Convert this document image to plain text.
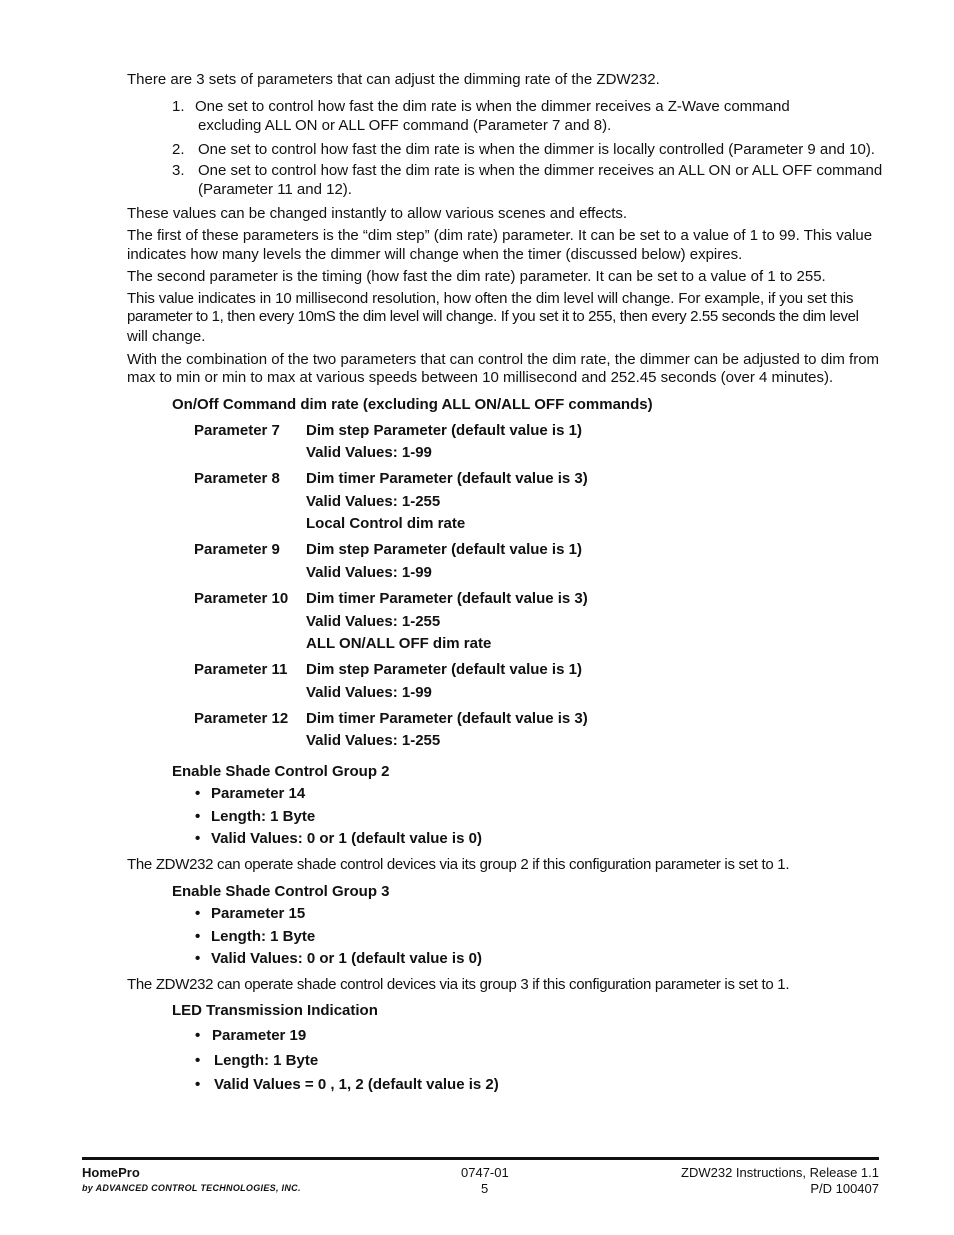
There are 3 sets of parameters that can adjust the dimming rate of the ZDW232.
1. One set to control how fast the dim rate is when the dimmer receives a Z-Wave command
excluding ALL ON or ALL OFF command (Parameter 7 and 8).
2. One set to control how fast the dim rate is when the dimmer is locally controlled (Parameter 9 and 10).
3. One set to control how fast the dim rate is when the dimmer receives an ALL ON or ALL OFF command
(Parameter 11 and 12).
These values can be changed instantly to allow various scenes and effects.
The first of these parameters is the “dim step” (dim rate) parameter. It can be set to a value of 1 to 99. This value
indicates how many levels the dimmer will change when the timer (discussed below) expires.
The second parameter is the timing (how fast the dim rate) parameter. It can be set to a value of 1 to 255.
This value indicates in 10 millisecond resolution, how often the dim level will change. For example, if you set this
parameter to 1, then every 10mS the dim level will change. If you set it to 255, then every 2.55 seconds the dim level
will change.
With the combination of the two parameters that can control the dim rate, the dimmer can be adjusted to dim from
max to min or min to max at various speeds between 10 millisecond and 252.45 seconds (over 4 minutes).
On/Off Command dim rate (excluding ALL ON/ALL OFF commands)
Parameter 7 Dim step Parameter (default value is 1)
Valid Values: 1-99
Parameter 8 Dim timer Parameter (default value is 3)
Valid Values: 1-255
Local Control dim rate
Parameter 9 Dim step Parameter (default value is 1)
Valid Values: 1-99
Parameter 10 Dim timer Parameter (default value is 3)
Valid Values: 1-255
ALL ON/ALL OFF dim rate
Parameter 11 Dim step Parameter (default value is 1)
Valid Values: 1-99
Parameter 12 Dim timer Parameter (default value is 3)
Valid Values: 1-255
Enable Shade Control Group 2
• Parameter 14
• Length: 1 Byte
• Valid Values: 0 or 1 (default value is 0)
The ZDW232 can operate shade control devices via its group 2 if this configuration parameter is set to 1.
Enable Shade Control Group 3
• Parameter 15
• Length: 1 Byte
• Valid Values: 0 or 1 (default value is 0)
The ZDW232 can operate shade control devices via its group 3 if this configuration parameter is set to 1.
LED Transmission Indication
• Parameter 19
• Length: 1 Byte
• Valid Values = 0 , 1, 2 (default value is 2)
HomePro
by ADVANCED CONTROL TECHNOLOGIES, INC.
0747-01
5
ZDW232 Instructions, Release 1.1
P/D 100407
